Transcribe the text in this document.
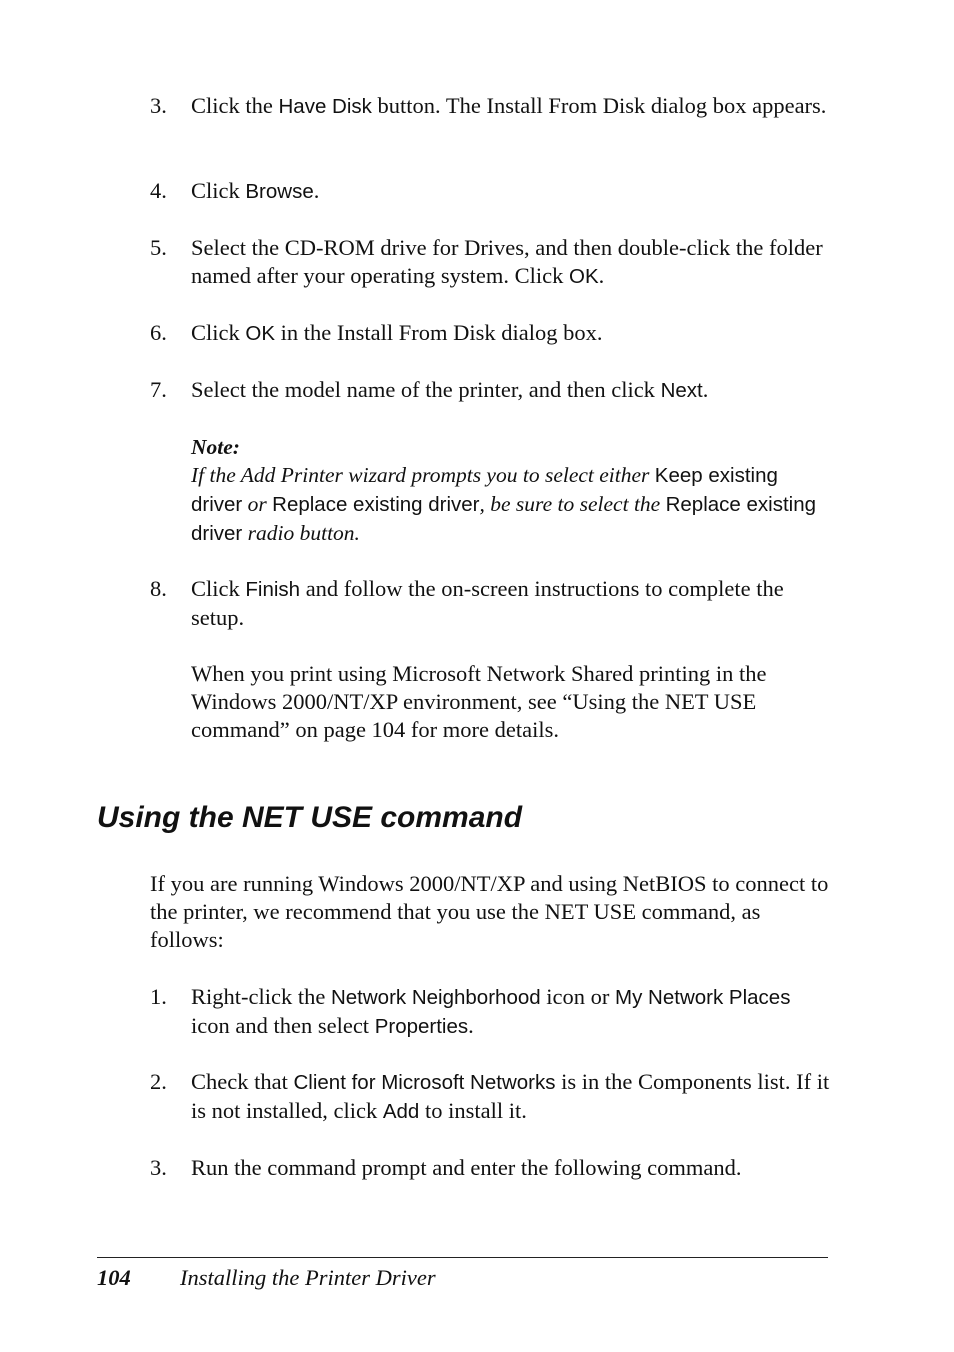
3.	Click the Have Disk button. The Install From Disk dialog box appears.
4.	Click Browse.
5.	Select the CD-ROM drive for Drives, and then double-click the folder named after your operating system. Click OK.
6.	Click OK in the Install From Disk dialog box.
7.	Select the model name of the printer, and then click Next.
Note:
If the Add Printer wizard prompts you to select either Keep existing driver or Replace existing driver, be sure to select the Replace existing driver radio button.
8.	Click Finish and follow the on-screen instructions to complete the setup.
When you print using Microsoft Network Shared printing in the Windows 2000/NT/XP environment, see “Using the NET USE command” on page 104 for more details.
Using the NET USE command
If you are running Windows 2000/NT/XP and using NetBIOS to connect to the printer, we recommend that you use the NET USE command, as follows:
1.	Right-click the Network Neighborhood icon or My Network Places icon and then select Properties.
2.	Check that Client for Microsoft Networks is in the Components list. If it is not installed, click Add to install it.
3.	Run the command prompt and enter the following command.
104 Installing the Printer Driver
